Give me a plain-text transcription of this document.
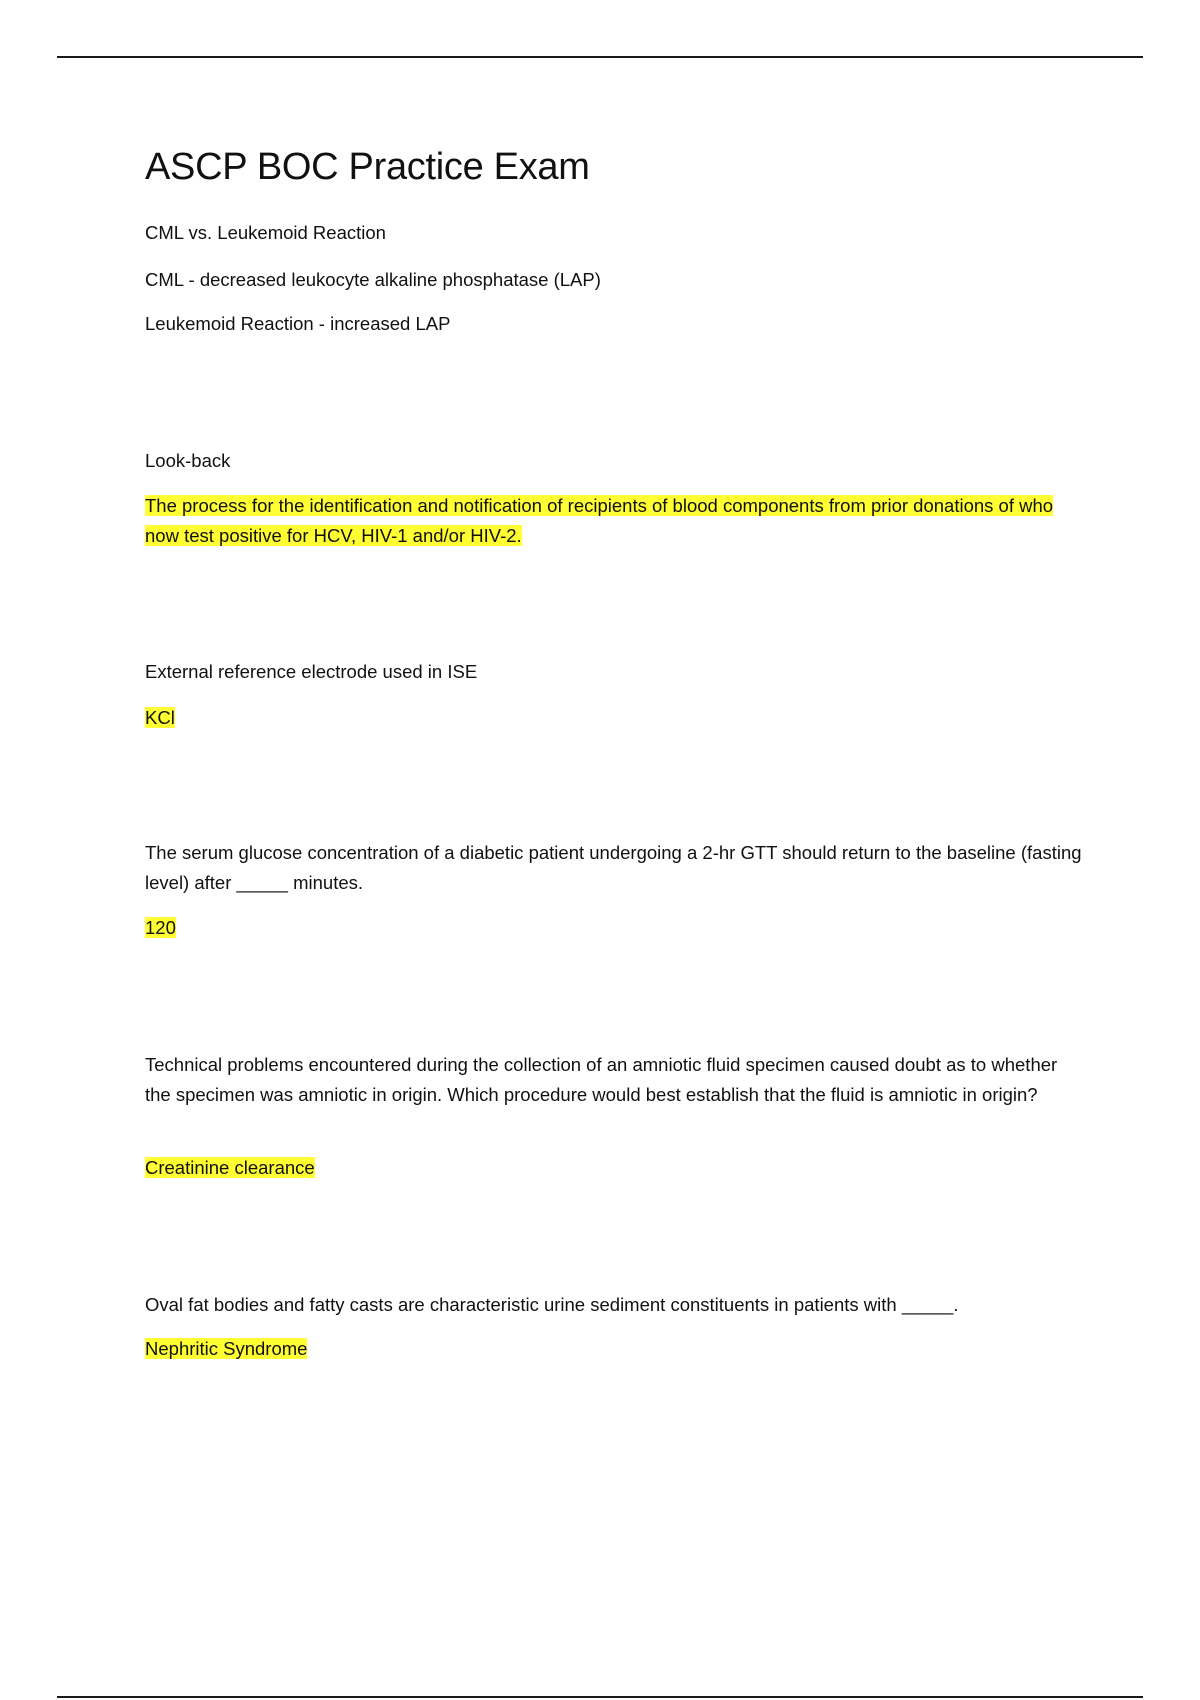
ASCP BOC Practice Exam

CML vs. Leukemoid Reaction

CML - decreased leukocyte alkaline phosphatase (LAP)

Leukemoid Reaction - increased LAP

Look-back

The process for the identification and notification of recipients of blood components from prior donations of who now test positive for HCV, HIV-1 and/or HIV-2.

External reference electrode used in ISE

KCl

The serum glucose concentration of a diabetic patient undergoing a 2-hr GTT should return to the baseline (fasting level) after _____ minutes.

120

Technical problems encountered during the collection of an amniotic fluid specimen caused doubt as to whether the specimen was amniotic in origin. Which procedure would best establish that the fluid is amniotic in origin?

Creatinine clearance

Oval fat bodies and fatty casts are characteristic urine sediment constituents in patients with _____.

Nephritic Syndrome
